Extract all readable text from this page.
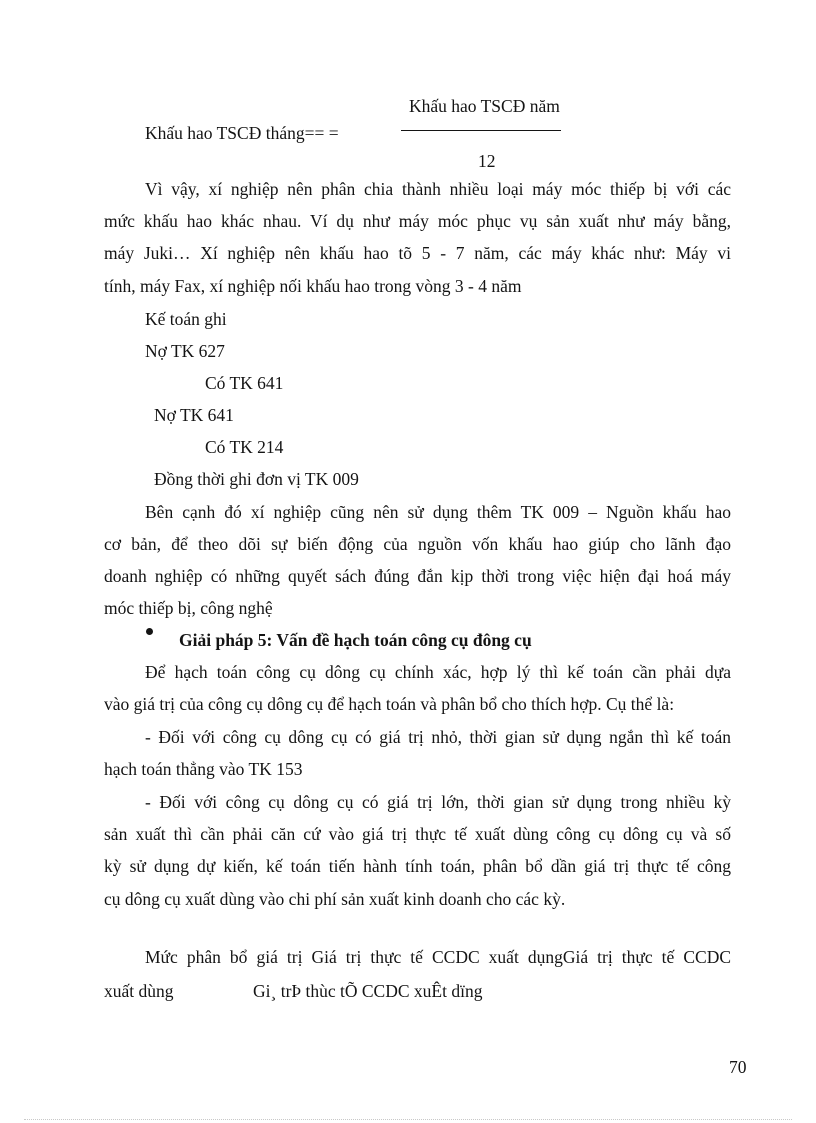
Khấu hao TSCĐ năm
Khấu hao TSCĐ tháng== =
12
Vì vậy, xí nghiệp nên phân chia thành nhiều loại máy móc thiếp bị với các
mức khấu hao khác nhau. Ví dụ như máy móc phục vụ sản xuất như máy bằng,
máy Juki… Xí nghiệp nên khấu hao tõ 5 - 7 năm, các máy khác như: Máy vi
tính, máy Fax, xí nghiệp nối khấu hao trong vòng 3 - 4 năm
Kế toán ghi
Nợ TK 627
Có TK 641
Nợ TK 641
Có TK 214
Đồng thời ghi đơn vị TK 009
Bên cạnh đó xí nghiệp cũng nên sử dụng thêm TK 009 – Nguồn khấu hao
cơ bản, để theo dõi sự biến động của nguồn vốn khấu hao giúp cho lãnh đạo
doanh nghiệp có những quyết sách đúng đắn kịp thời trong việc hiện đại hoá máy
móc thiếp bị, công nghệ
Giải pháp 5: Vấn đề hạch toán công cụ đông cụ
Để hạch toán công cụ dông cụ chính xác, hợp lý thì kế toán cần phải dựa
vào giá trị của công cụ dông cụ để hạch toán và phân bổ cho thích hợp. Cụ thể là:
- Đối với công cụ dông cụ có giá trị nhỏ, thời gian sử dụng ngắn thì kế toán
hạch toán thẳng vào TK 153
- Đối với công cụ dông cụ có giá trị lớn, thời gian sử dụng trong nhiều kỳ
sản xuất thì cần phải căn cứ vào giá trị thực tế xuất dùng công cụ dông cụ và số
kỳ sử dụng dự kiến, kế toán tiến hành tính toán, phân bổ dần giá trị thực tế công
cụ dông cụ xuất dùng vào chi phí sản xuất kinh doanh cho các kỳ.
Mức phân bổ giá trị Giá trị thực tế CCDC xuất dụngGiá trị thực tế CCDC
xuất dùng	Gi¸ trÞ thùc tÕ CCDC xuÊt dïng
70
